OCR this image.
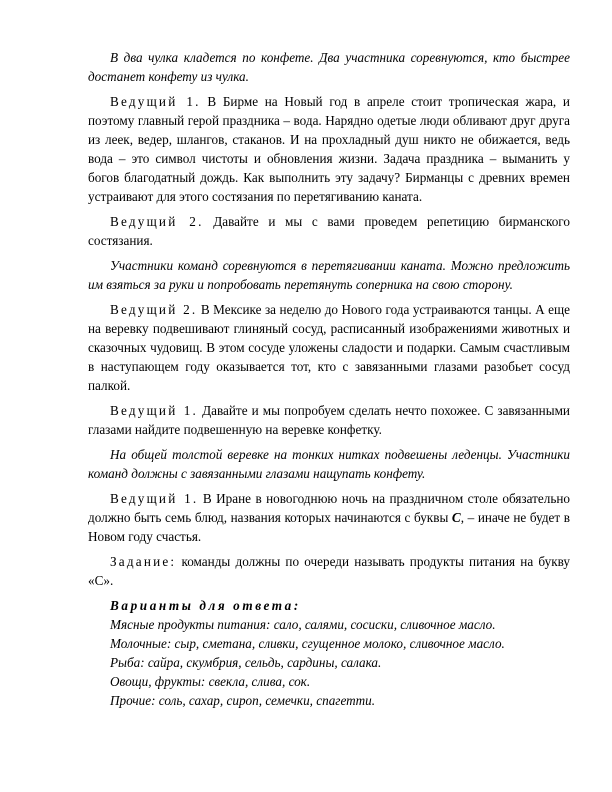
В два чулка кладется по конфете. Два участника соревнуются, кто быстрее достанет конфету из чулка.

Ведущий 1. В Бирме на Новый год в апреле стоит тропическая жара, и поэтому главный герой праздника – вода. Нарядно одетые люди обливают друг друга из леек, ведер, шлангов, стаканов. И на прохладный душ никто не обижается, ведь вода – это символ чистоты и обновления жизни. Задача праздника – выманить у богов благодатный дождь. Как выполнить эту задачу? Бирманцы с древних времен устраивают для этого состязания по перетягиванию каната.

Ведущий 2. Давайте и мы с вами проведем репетицию бирманского состязания.

Участники команд соревнуются в перетягивании каната. Можно предложить им взяться за руки и попробовать перетянуть соперника на свою сторону.

Ведущий 2. В Мексике за неделю до Нового года устраиваются танцы. А еще на веревку подвешивают глиняный сосуд, расписанный изображениями животных и сказочных чудовищ. В этом сосуде уложены сладости и подарки. Самым счастливым в наступающем году оказывается тот, кто с завязанными глазами разобьет сосуд палкой.

Ведущий 1. Давайте и мы попробуем сделать нечто похожее. С завязанными глазами найдите подвешенную на веревке конфетку.

На общей толстой веревке на тонких нитках подвешены леденцы. Участники команд должны с завязанными глазами нащупать конфету.

Ведущий 1. В Иране в новогоднюю ночь на праздничном столе обязательно должно быть семь блюд, названия которых начинаются с буквы С, – иначе не будет в Новом году счастья.

Задание: команды должны по очереди называть продукты питания на букву «С».

Варианты для ответа:

Мясные продукты питания: сало, салями, сосиски, сливочное масло.

Молочные: сыр, сметана, сливки, сгущенное молоко, сливочное масло.

Рыба: сайра, скумбрия, сельдь, сардины, салака.

Овощи, фрукты: свекла, слива, сок.

Прочие: соль, сахар, сироп, семечки, спагетти.
